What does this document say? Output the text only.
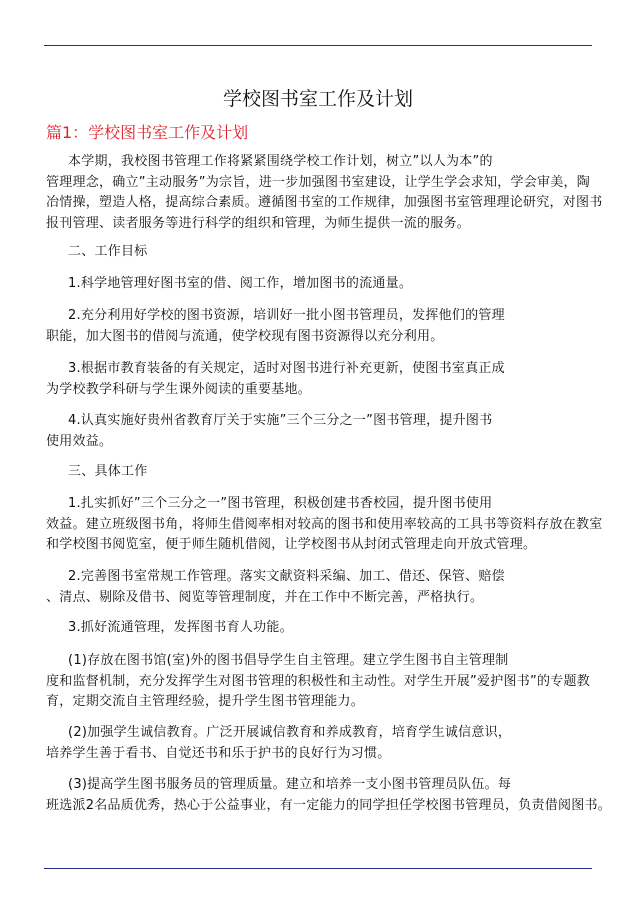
学校图书室工作及计划
篇1：学校图书室工作及计划
本学期，我校图书管理工作将紧紧围绕学校工作计划，树立”以人为本”的
管理理念，确立”主动服务”为宗旨，进一步加强图书室建设，让学生学会求知，学会审美，陶
冶情操，塑造人格，提高综合素质。遵循图书室的工作规律，加强图书室管理理论研究，对图书
报刊管理、读者服务等进行科学的组织和管理，为师生提供一流的服务。
二、工作目标
1.科学地管理好图书室的借、阅工作，增加图书的流通量。
2.充分利用好学校的图书资源，培训好一批小图书管理员，发挥他们的管理
职能，加大图书的借阅与流通，使学校现有图书资源得以充分利用。
3.根据市教育装备的有关规定，适时对图书进行补充更新，使图书室真正成
为学校教学科研与学生课外阅读的重要基地。
4.认真实施好贵州省教育厅关于实施”三个三分之一”图书管理，提升图书
使用效益。
三、具体工作
1.扎实抓好”三个三分之一”图书管理，积极创建书香校园，提升图书使用
效益。建立班级图书角，将师生借阅率相对较高的图书和使用率较高的工具书等资料存放在教室
和学校图书阅览室，便于师生随机借阅，让学校图书从封闭式管理走向开放式管理。
2.完善图书室常规工作管理。落实文献资料采编、加工、借还、保管、赔偿
、清点、剔除及借书、阅览等管理制度，并在工作中不断完善，严格执行。
3.抓好流通管理，发挥图书育人功能。
(1)存放在图书馆(室)外的图书倡导学生自主管理。建立学生图书自主管理制
度和监督机制，充分发挥学生对图书管理的积极性和主动性。对学生开展”爱护图书”的专题教
育，定期交流自主管理经验，提升学生图书管理能力。
(2)加强学生诚信教育。广泛开展诚信教育和养成教育，培育学生诚信意识，
培养学生善于看书、自觉还书和乐于护书的良好行为习惯。
(3)提高学生图书服务员的管理质量。建立和培养一支小图书管理员队伍。每
班选派2名品质优秀，热心于公益事业，有一定能力的同学担任学校图书管理员，负责借阅图书。
